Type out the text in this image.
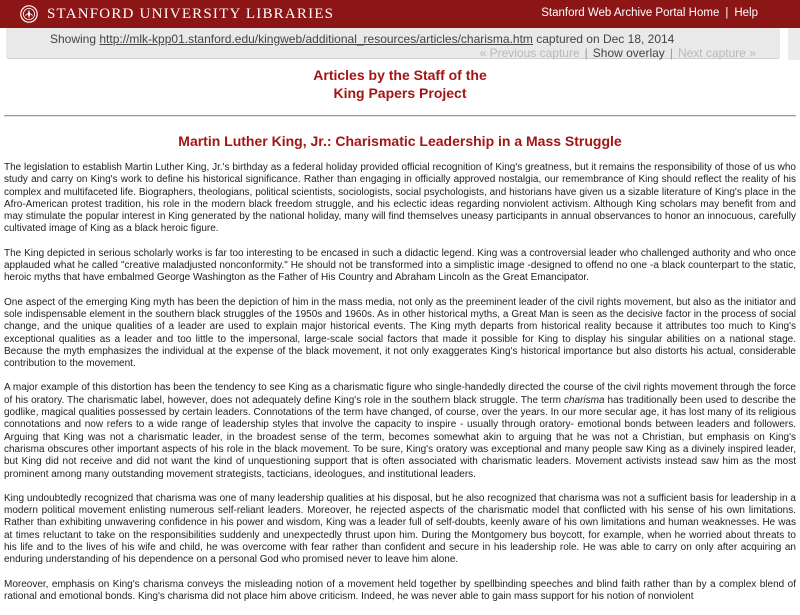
STANFORD UNIVERSITY LIBRARIES	Stanford Web Archive Portal Home | Help
Showing http://mlk-kpp01.stanford.edu/kingweb/additional_resources/articles/charisma.htm captured on Dec 18, 2014
« Previous capture | Show overlay | Next capture »
Articles by the Staff of the
King Papers Project
Martin Luther King, Jr.: Charismatic Leadership in a Mass Struggle

The legislation to establish Martin Luther King, Jr.'s birthday as a federal holiday provided official recognition of King's greatness, but it remains the responsibility of those of us who study and carry on King's work to define his historical significance. Rather than engaging in officially approved nostalgia, our remembrance of King should reflect the reality of his complex and multifaceted life. Biographers, theologians, political scientists, sociologists, social psychologists, and historians have given us a sizable literature of King's place in the Afro-American protest tradition, his role in the modern black freedom struggle, and his eclectic ideas regarding nonviolent activism. Although King scholars may benefit from and may stimulate the popular interest in King generated by the national holiday, many will find themselves uneasy participants in annual observances to honor an innocuous, carefully cultivated image of King as a black heroic figure.

The King depicted in serious scholarly works is far too interesting to be encased in such a didactic legend. King was a controversial leader who challenged authority and who once applauded what he called "creative maladjusted nonconformity." He should not be transformed into a simplistic image -designed to offend no one -a black counterpart to the static, heroic myths that have embalmed George Washington as the Father of His Country and Abraham Lincoln as the Great Emancipator.

One aspect of the emerging King myth has been the depiction of him in the mass media, not only as the preeminent leader of the civil rights movement, but also as the initiator and sole indispensable element in the southern black struggles of the 1950s and 1960s. As in other historical myths, a Great Man is seen as the decisive factor in the process of social change, and the unique qualities of a leader are used to explain major historical events. The King myth departs from historical reality because it attributes too much to King's exceptional qualities as a leader and too little to the impersonal, large-scale social factors that made it possible for King to display his singular abilities on a national stage. Because the myth emphasizes the individual at the expense of the black movement, it not only exaggerates King's historical importance but also distorts his actual, considerable contribution to the movement.

A major example of this distortion has been the tendency to see King as a charismatic figure who single-handedly directed the course of the civil rights movement through the force of his oratory. The charismatic label, however, does not adequately define King's role in the southern black struggle. The term charisma has traditionally been used to describe the godlike, magical qualities possessed by certain leaders. Connotations of the term have changed, of course, over the years. In our more secular age, it has lost many of its religious connotations and now refers to a wide range of leadership styles that involve the capacity to inspire - usually through oratory- emotional bonds between leaders and followers. Arguing that King was not a charismatic leader, in the broadest sense of the term, becomes somewhat akin to arguing that he was not a Christian, but emphasis on King's charisma obscures other important aspects of his role in the black movement. To be sure, King's oratory was exceptional and many people saw King as a divinely inspired leader, but King did not receive and did not want the kind of unquestioning support that is often associated with charismatic leaders. Movement activists instead saw him as the most prominent among many outstanding movement strategists, tacticians, ideologues, and institutional leaders.

King undoubtedly recognized that charisma was one of many leadership qualities at his disposal, but he also recognized that charisma was not a sufficient basis for leadership in a modern political movement enlisting numerous self-reliant leaders. Moreover, he rejected aspects of the charismatic model that conflicted with his sense of his own limitations. Rather than exhibiting unwavering confidence in his power and wisdom, King was a leader full of self-doubts, keenly aware of his own limitations and human weaknesses. He was at times reluctant to take on the responsibilities suddenly and unexpectedly thrust upon him. During the Montgomery bus boycott, for example, when he worried about threats to his life and to the lives of his wife and child, he was overcome with fear rather than confident and secure in his leadership role. He was able to carry on only after acquiring an enduring understanding of his dependence on a personal God who promised never to leave him alone.

Moreover, emphasis on King's charisma conveys the misleading notion of a movement held together by spellbinding speeches and blind faith rather than by a complex blend of rational and emotional bonds. King's charisma did not place him above criticism. Indeed, he was never able to gain mass support for his notion of nonviolent
